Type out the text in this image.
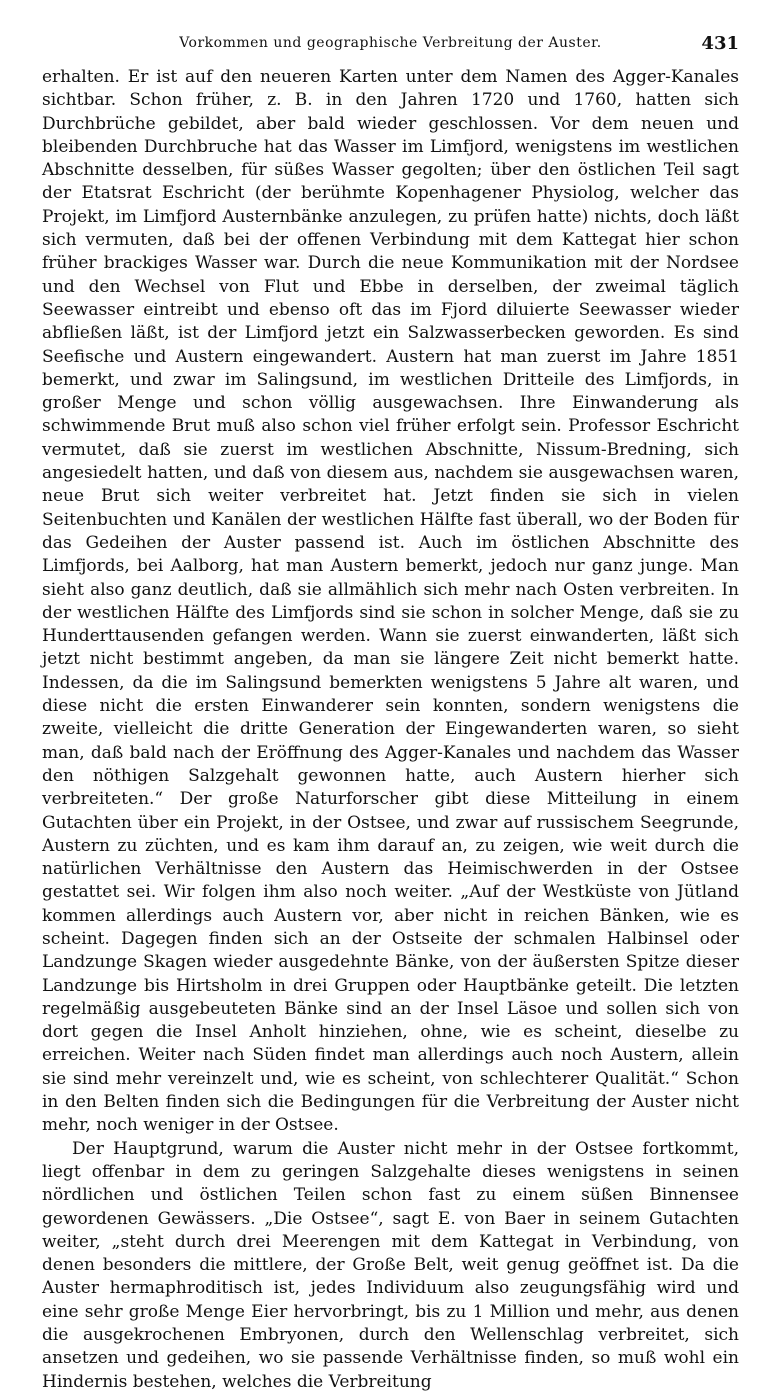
Vorkommen und geographische Verbreitung der Auster.	431

erhalten. Er ist auf den neueren Karten unter dem Namen des Agger-Kanales sichtbar. Schon früher, z. B. in den Jahren 1720 und 1760, hatten sich Durchbrüche gebildet, aber bald wieder geschlossen. Vor dem neuen und bleibenden Durchbruche hat das Wasser im Limfjord, wenigstens im westlichen Abschnitte desselben, für süßes Wasser gegolten; über den östlichen Teil sagt der Etatsrat Eschricht (der berühmte Kopenhagener Physiolog, welcher das Projekt, im Limfjord Austernbänke anzulegen, zu prüfen hatte) nichts, doch läßt sich vermuten, daß bei der offenen Verbindung mit dem Kattegat hier schon früher brackiges Wasser war. Durch die neue Kommunikation mit der Nordsee und den Wechsel von Flut und Ebbe in derselben, der zweimal täglich Seewasser eintreibt und ebenso oft das im Fjord diluierte Seewasser wieder abfließen läßt, ist der Limfjord jetzt ein Salzwasserbecken geworden. Es sind Seefische und Austern eingewandert. Austern hat man zuerst im Jahre 1851 bemerkt, und zwar im Salingsund, im westlichen Dritteile des Limfjords, in großer Menge und schon völlig ausgewachsen. Ihre Einwanderung als schwimmende Brut muß also schon viel früher erfolgt sein. Professor Eschricht vermutet, daß sie zuerst im westlichen Abschnitte, Nissum-Bredning, sich angesiedelt hatten, und daß von diesem aus, nachdem sie ausgewachsen waren, neue Brut sich weiter verbreitet hat. Jetzt finden sie sich in vielen Seitenbuchten und Kanälen der westlichen Hälfte fast überall, wo der Boden für das Gedeihen der Auster passend ist. Auch im östlichen Abschnitte des Limfjords, bei Aalborg, hat man Austern bemerkt, jedoch nur ganz junge. Man sieht also ganz deutlich, daß sie allmählich sich mehr nach Osten verbreiten. In der westlichen Hälfte des Limfjords sind sie schon in solcher Menge, daß sie zu Hunderttausenden gefangen werden. Wann sie zuerst einwanderten, läßt sich jetzt nicht bestimmt angeben, da man sie längere Zeit nicht bemerkt hatte. Indessen, da die im Salingsund bemerkten wenigstens 5 Jahre alt waren, und diese nicht die ersten Einwanderer sein konnten, sondern wenigstens die zweite, vielleicht die dritte Generation der Eingewanderten waren, so sieht man, daß bald nach der Eröffnung des Agger-Kanales und nachdem das Wasser den nöthigen Salzgehalt gewonnen hatte, auch Austern hierher sich verbreiteten.“ Der große Naturforscher gibt diese Mitteilung in einem Gutachten über ein Projekt, in der Ostsee, und zwar auf russischem Seegrunde, Austern zu züchten, und es kam ihm darauf an, zu zeigen, wie weit durch die natürlichen Verhältnisse den Austern das Heimischwerden in der Ostsee gestattet sei. Wir folgen ihm also noch weiter. „Auf der Westküste von Jütland kommen allerdings auch Austern vor, aber nicht in reichen Bänken, wie es scheint. Dagegen finden sich an der Ostseite der schmalen Halbinsel oder Landzunge Skagen wieder ausgedehnte Bänke, von der äußersten Spitze dieser Landzunge bis Hirtsholm in drei Gruppen oder Hauptbänke geteilt. Die letzten regelmäßig ausgebeuteten Bänke sind an der Insel Läsoe und sollen sich von dort gegen die Insel Anholt hinziehen, ohne, wie es scheint, dieselbe zu erreichen. Weiter nach Süden findet man allerdings auch noch Austern, allein sie sind mehr vereinzelt und, wie es scheint, von schlechterer Qualität.“ Schon in den Belten finden sich die Bedingungen für die Verbreitung der Auster nicht mehr, noch weniger in der Ostsee.

Der Hauptgrund, warum die Auster nicht mehr in der Ostsee fortkommt, liegt offenbar in dem zu geringen Salzgehalte dieses wenigstens in seinen nördlichen und östlichen Teilen schon fast zu einem süßen Binnensee gewordenen Gewässers. „Die Ostsee“, sagt E. von Baer in seinem Gutachten weiter, „steht durch drei Meerengen mit dem Kattegat in Verbindung, von denen besonders die mittlere, der Große Belt, weit genug geöffnet ist. Da die Auster hermaphroditisch ist, jedes Individuum also zeugungsfähig wird und eine sehr große Menge Eier hervorbringt, bis zu 1 Million und mehr, aus denen die ausgekrochenen Embryonen, durch den Wellenschlag verbreitet, sich ansetzen und gedeihen, wo sie passende Verhältnisse finden, so muß wohl ein Hindernis bestehen, welches die Verbreitung
